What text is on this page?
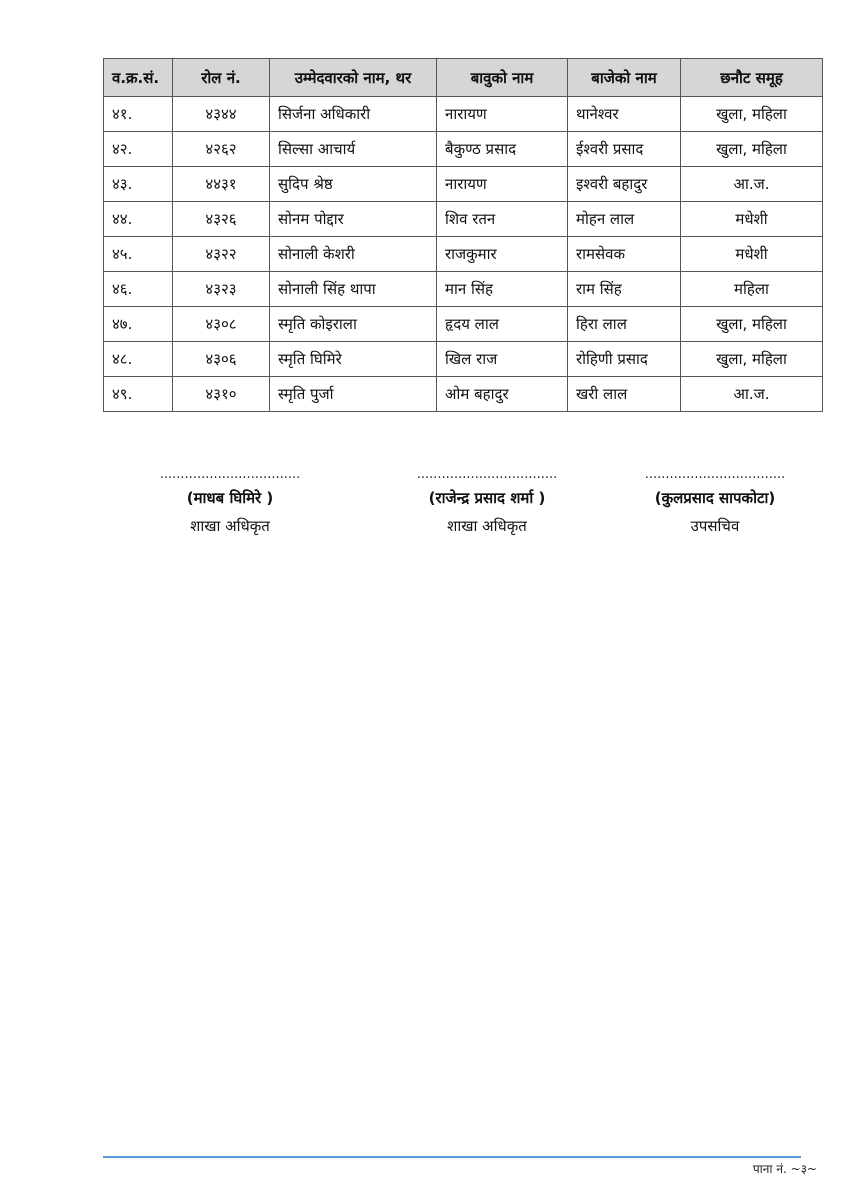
व.क्र.सं.	रोल नं.	उम्मेदवारको नाम, थर	बावुको नाम	बाजेको नाम	छनौट समूह
४१.	४३४४	सिर्जना अधिकारी	नारायण	थानेश्वर	खुला, महिला
४२.	४२६२	सिल्सा आचार्य	बैकुण्ठ प्रसाद	ईश्वरी प्रसाद	खुला, महिला
४३.	४४३१	सुदिप श्रेष्ठ	नारायण	इश्वरी बहादुर	आ.ज.
४४.	४३२६	सोनम पोद्दार	शिव रतन	मोहन लाल	मधेशी
४५.	४३२२	सोनाली केशरी	राजकुमार	रामसेवक	मधेशी
४६.	४३२३	सोनाली सिंह थापा	मान सिंह	राम सिंह	महिला
४७.	४३०८	स्मृति कोइराला	हृदय लाल	हिरा लाल	खुला, महिला
४८.	४३०६	स्मृति घिमिरे	खिल राज	रोहिणी प्रसाद	खुला, महिला
४९.	४३१०	स्मृति पुर्जा	ओम बहादुर	खरी लाल	आ.ज.
..................................
(माधब घिमिरे )
शाखा अधिकृत
..................................
(राजेन्द्र प्रसाद शर्मा )
शाखा अधिकृत
..................................
(कुलप्रसाद सापकोटा)
उपसचिव
पाना नं. ~३~
